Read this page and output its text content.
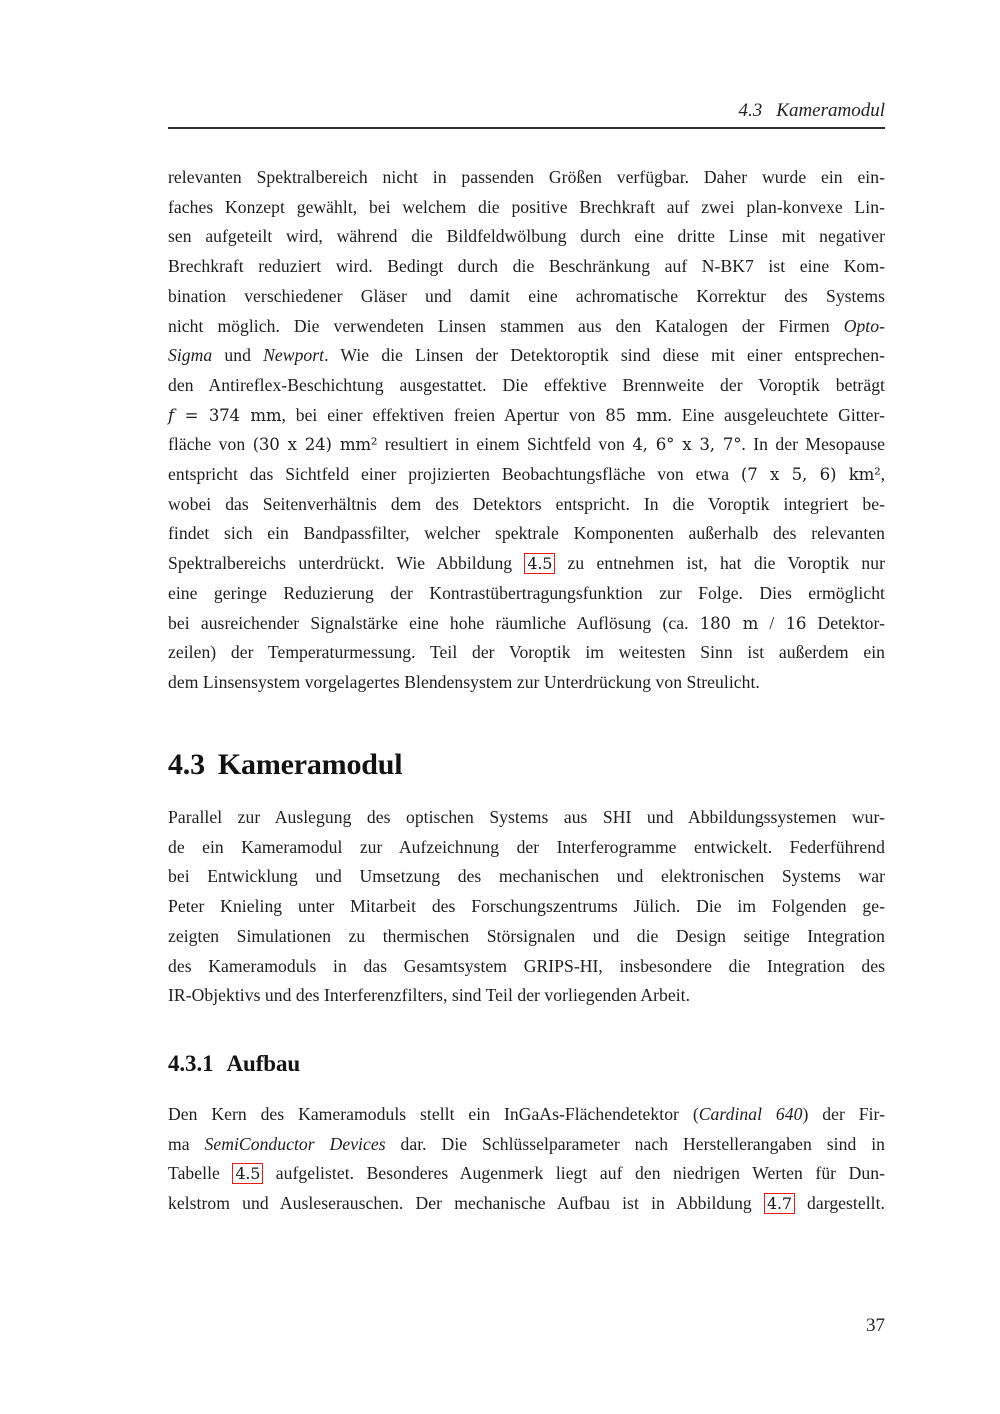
4.3 Kameramodul
relevanten Spektralbereich nicht in passenden Größen verfügbar. Daher wurde ein ein-
faches Konzept gewählt, bei welchem die positive Brechkraft auf zwei plan-konvexe Lin-
sen aufgeteilt wird, während die Bildfeldwölbung durch eine dritte Linse mit negativer
Brechkraft reduziert wird. Bedingt durch die Beschränkung auf N-BK7 ist eine Kom-
bination verschiedener Gläser und damit eine achromatische Korrektur des Systems
nicht möglich. Die verwendeten Linsen stammen aus den Katalogen der Firmen Opto-
Sigma und Newport. Wie die Linsen der Detektoroptik sind diese mit einer entsprechen-
den Antireflex-Beschichtung ausgestattet. Die effektive Brennweite der Voroptik beträgt
f = 374 mm, bei einer effektiven freien Apertur von 85 mm. Eine ausgeleuchtete Gitter-
fläche von (30 x 24) mm² resultiert in einem Sichtfeld von 4, 6° x 3, 7°. In der Mesopause
entspricht das Sichtfeld einer projizierten Beobachtungsfläche von etwa (7 x 5, 6) km²,
wobei das Seitenverhältnis dem des Detektors entspricht. In die Voroptik integriert be-
findet sich ein Bandpassfilter, welcher spektrale Komponenten außerhalb des relevanten
Spektralbereichs unterdrückt. Wie Abbildung 4.5 zu entnehmen ist, hat die Voroptik nur
eine geringe Reduzierung der Kontrastübertragungsfunktion zur Folge. Dies ermöglicht
bei ausreichender Signalstärke eine hohe räumliche Auflösung (ca. 180 m / 16 Detektor-
zeilen) der Temperaturmessung. Teil der Voroptik im weitesten Sinn ist außerdem ein
dem Linsensystem vorgelagertes Blendensystem zur Unterdrückung von Streulicht.
4.3 Kameramodul
Parallel zur Auslegung des optischen Systems aus SHI und Abbildungssystemen wur-
de ein Kameramodul zur Aufzeichnung der Interferogramme entwickelt. Federführend
bei Entwicklung und Umsetzung des mechanischen und elektronischen Systems war
Peter Knieling unter Mitarbeit des Forschungszentrums Jülich. Die im Folgenden ge-
zeigten Simulationen zu thermischen Störsignalen und die Design seitige Integration
des Kameramoduls in das Gesamtsystem GRIPS-HI, insbesondere die Integration des
IR-Objektivs und des Interferenzfilters, sind Teil der vorliegenden Arbeit.
4.3.1 Aufbau
Den Kern des Kameramoduls stellt ein InGaAs-Flächendetektor (Cardinal 640) der Fir-
ma SemiConductor Devices dar. Die Schlüsselparameter nach Herstellerangaben sind in
Tabelle 4.5 aufgelistet. Besonderes Augenmerk liegt auf den niedrigen Werten für Dun-
kelstrom und Ausleserauschen. Der mechanische Aufbau ist in Abbildung 4.7 dargestellt.
37
